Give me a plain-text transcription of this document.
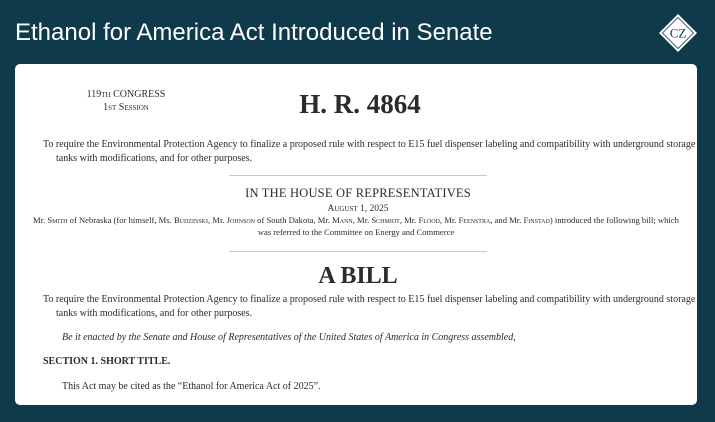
Ethanol for America Act Introduced in Senate	CZ
119th CONGRESS
1st Session	H. R. 4864
To require the Environmental Protection Agency to finalize a proposed rule with respect to E15 fuel dispenser labeling and compatibility with underground storage tanks with modifications, and for other purposes.
IN THE HOUSE OF REPRESENTATIVES
August 1, 2025
Mr. Smith of Nebraska (for himself, Ms. Budzinski, Mr. Johnson of South Dakota, Mr. Mann, Mr. Schmidt, Mr. Flood, Mr. Feenstra, and Mr. Finstad) introduced the following bill; which was referred to the Committee on Energy and Commerce
A BILL
To require the Environmental Protection Agency to finalize a proposed rule with respect to E15 fuel dispenser labeling and compatibility with underground storage tanks with modifications, and for other purposes.
Be it enacted by the Senate and House of Representatives of the United States of America in Congress assembled,
SECTION 1. SHORT TITLE.
This Act may be cited as the “Ethanol for America Act of 2025”.
